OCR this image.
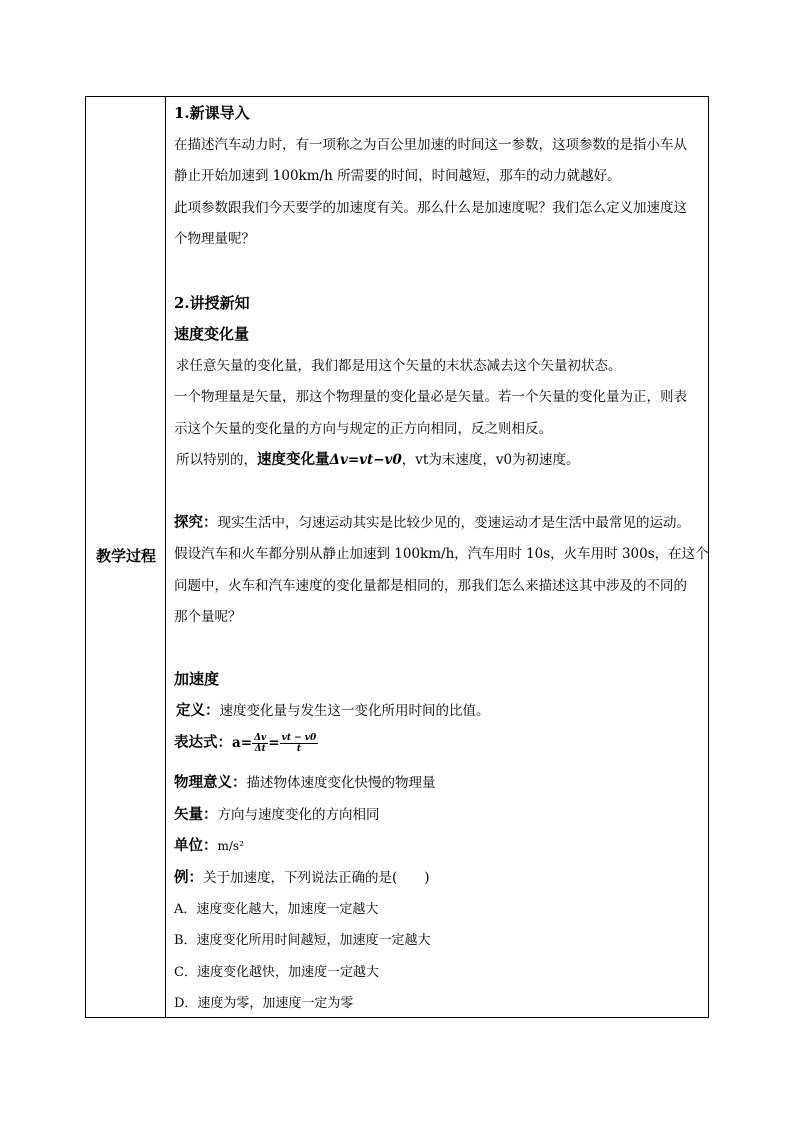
教学过程
1.新课导入
在描述汽车动力时，有一项称之为百公里加速的时间这一参数，这项参数的是指小车从
静止开始加速到 100km/h 所需要的时间，时间越短，那车的动力就越好。
此项参数跟我们今天要学的加速度有关。那么什么是加速度呢？我们怎么定义加速度这
个物理量呢？
2.讲授新知
速度变化量
求任意矢量的变化量，我们都是用这个矢量的末状态减去这个矢量初状态。
一个物理量是矢量，那这个物理量的变化量必是矢量。若一个矢量的变化量为正，则表
示这个矢量的变化量的方向与规定的正方向相同，反之则相反。
所以特别的，速度变化量Δv=vt−v0，vt为末速度，v0为初速度。
探究：现实生活中，匀速运动其实是比较少见的，变速运动才是生活中最常见的运动。
假设汽车和火车都分别从静止加速到 100km/h，汽车用时 10s，火车用时 300s，在这个
问题中，火车和汽车速度的变化量都是相同的，那我们怎么来描述这其中涉及的不同的
那个量呢？
加速度
定义：速度变化量与发生这一变化所用时间的比值。
表达式：$a= \frac{\Delta v}{\Delta t} = \frac{vt - v0}{t}$
物理意义：描述物体速度变化快慢的物理量
矢量：方向与速度变化的方向相同
单位：m/s²
例：关于加速度，下列说法正确的是(　　)
A．速度变化越大，加速度一定越大
B．速度变化所用时间越短，加速度一定越大
C．速度变化越快，加速度一定越大
D．速度为零，加速度一定为零
